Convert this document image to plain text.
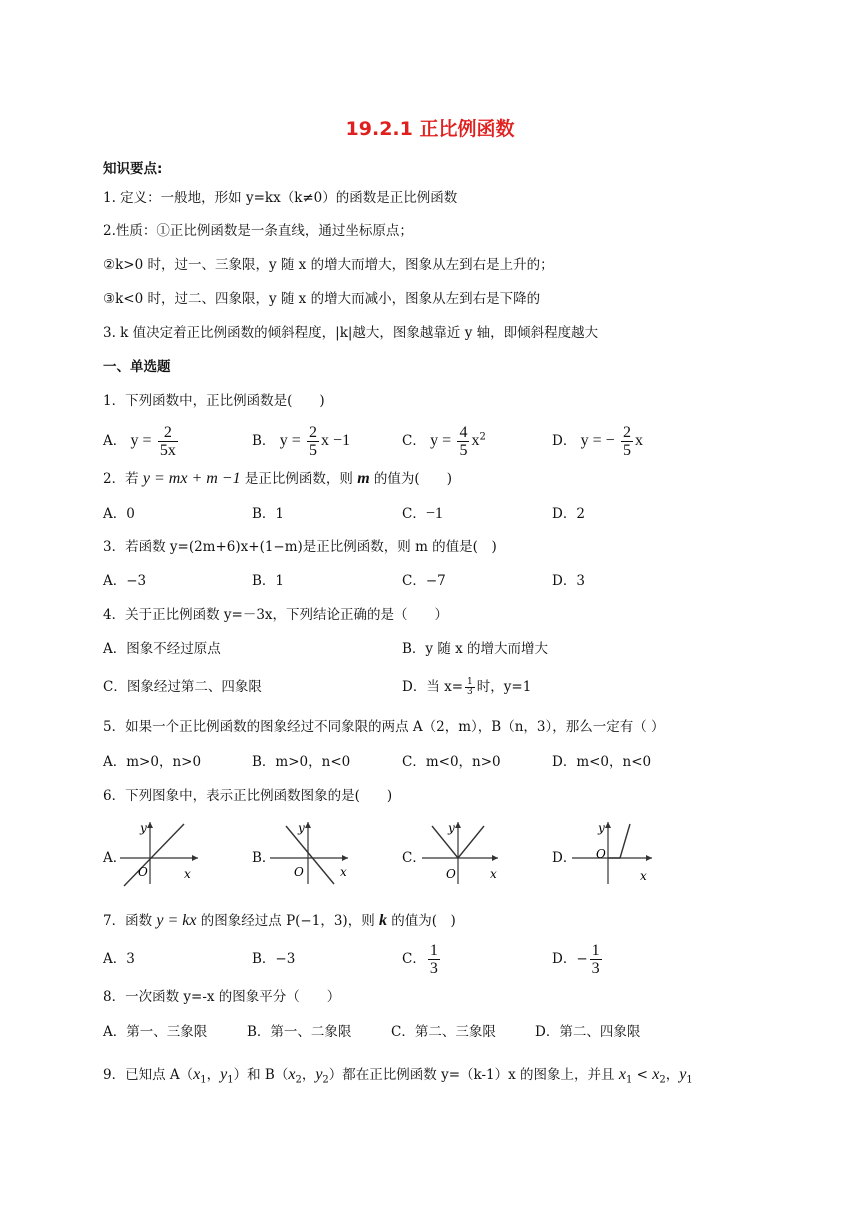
19.2.1 正比例函数
知识要点:
1. 定义：一般地，形如 y=kx（k≠0）的函数是正比例函数
2.性质：①正比例函数是一条直线，通过坐标原点；
②k>0 时，过一、三象限，y 随 x 的增大而增大，图象从左到右是上升的；
③k<0 时，过二、四象限，y 随 x 的增大而减小，图象从左到右是下降的
3. k 值决定着正比例函数的倾斜程度，|k|越大，图象越靠近 y 轴，即倾斜程度越大
一、单选题
1．下列函数中，正比例函数是(　　)
A． $y = \frac{2}{5x}$	B． $y = \frac{2}{5}$ x −1	C． $y = \frac{4}{5} x^2$	D． y = − $\frac{2}{5}$ x
2．若 y = mx + m −1 是正比例函数，则 m 的值为(　　)
A．0	B．1	C．−1	D．2
3．若函数 y=(2m+6)x+(1−m)是正比例函数，则 m 的值是(　)
A．−3	B．1	C．−7	D．3
4．关于正比例函数 y=－3x，下列结论正确的是（　　）
A．图象不经过原点	B．y 随 x 的增大而增大
C．图象经过第二、四象限	D．当 $x= \frac{1}{3}$ 时，y=1
5．如果一个正比例函数的图象经过不同象限的两点 A（2，m），B（n，3），那么一定有（ ）
A．m>0，n>0	B．m>0，n<0	C．m<0，n>0	D．m<0，n<0
6．下列图象中，表示正比例函数图象的是(　　)
A．
y
O	x
B．
y
O	x
C．
y
O	x
D．
y
O
x
7．函数 y = kx 的图象经过点 P(−1，3)，则 k 的值为(　)
A．3	B．−3	C． $\frac{1}{3}$	D．− $\frac{1}{3}$
8．一次函数 y=-x 的图象平分（　　）
A．第一、三象限	B．第一、二象限	C．第二、三象限	D．第二、四象限
9．已知点 $A(x_1$，$y_1$）和 $B(x_2$，$y_2$）都在正比例函数 y=（k-1）x 的图象上，并且 $x_1 < x_2$，$y_1$
